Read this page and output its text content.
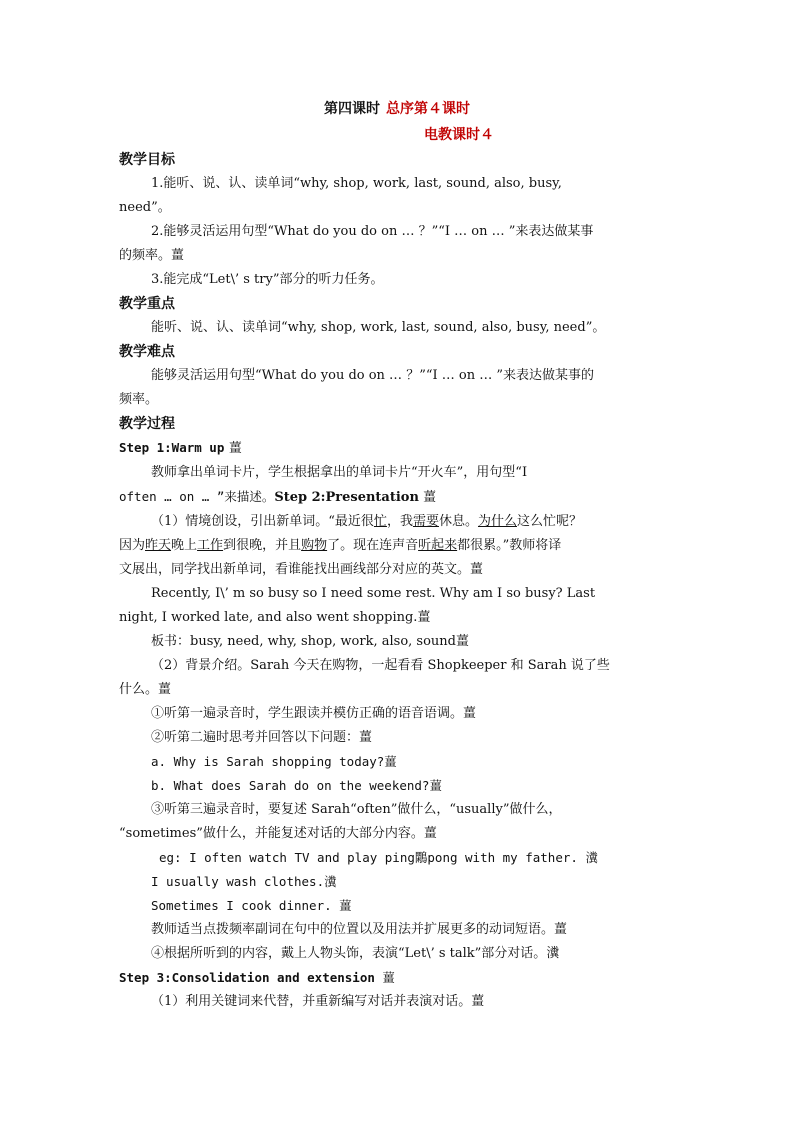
第四课时 总序第４课时
电教课时４

教学目标

1.能听、说、认、读单词“why, shop, work, last, sound, also, busy,

need”。

2.能够灵活运用句型“What do you do on … ？”“I … on … ”来表达做某事

的频率。薑

3.能完成“Let\’ s try”部分的听力任务。

教学重点

能听、说、认、读单词“why, shop, work, last, sound, also, busy, need”。

教学难点

能够灵活运用句型“What do you do on … ？”“I … on … ”来表达做某事的

频率。

教学过程

Step 1:Warm up 薑

教师拿出单词卡片，学生根据拿出的单词卡片“开火车”，用句型“I

often … on … ”来描述。Step 2:Presentation 薑

（1）情境创设，引出新单词。“最近很忙，我需要休息。为什么这么忙呢？

因为昨天晚上工作到很晚，并且购物了。现在连声音听起来都很累。”教师将译

文展出，同学找出新单词，看谁能找出画线部分对应的英文。薑

Recently, I\’ m so busy so I need some rest. Why am I so busy? Last

night, I worked late, and also went shopping.薑

板书：busy, need, why, shop, work, also, sound薑

（2）背景介绍。Sarah 今天在购物，一起看看 Shopkeeper 和 Sarah 说了些

什么。薑

①听第一遍录音时，学生跟读并模仿正确的语音语调。薑

②听第二遍时思考并回答以下问题：薑

a. Why is Sarah shopping today?薑

b. What does Sarah do on the weekend?薑

③听第三遍录音时，要复述 Sarah“often”做什么，“usually”做什么，

“sometimes”做什么，并能复述对话的大部分内容。薑

eg: I often watch TV and play ping鷴pong with my father. 瀵

I usually wash clothes.瀵

Sometimes I cook dinner. 薑

教师适当点拨频率副词在句中的位置以及用法并扩展更多的动词短语。薑

④根据所听到的内容，戴上人物头饰，表演“Let\’ s talk”部分对话。瀵

Step 3:Consolidation and extension 薑

（1）利用关键词来代替，并重新编写对话并表演对话。薑
